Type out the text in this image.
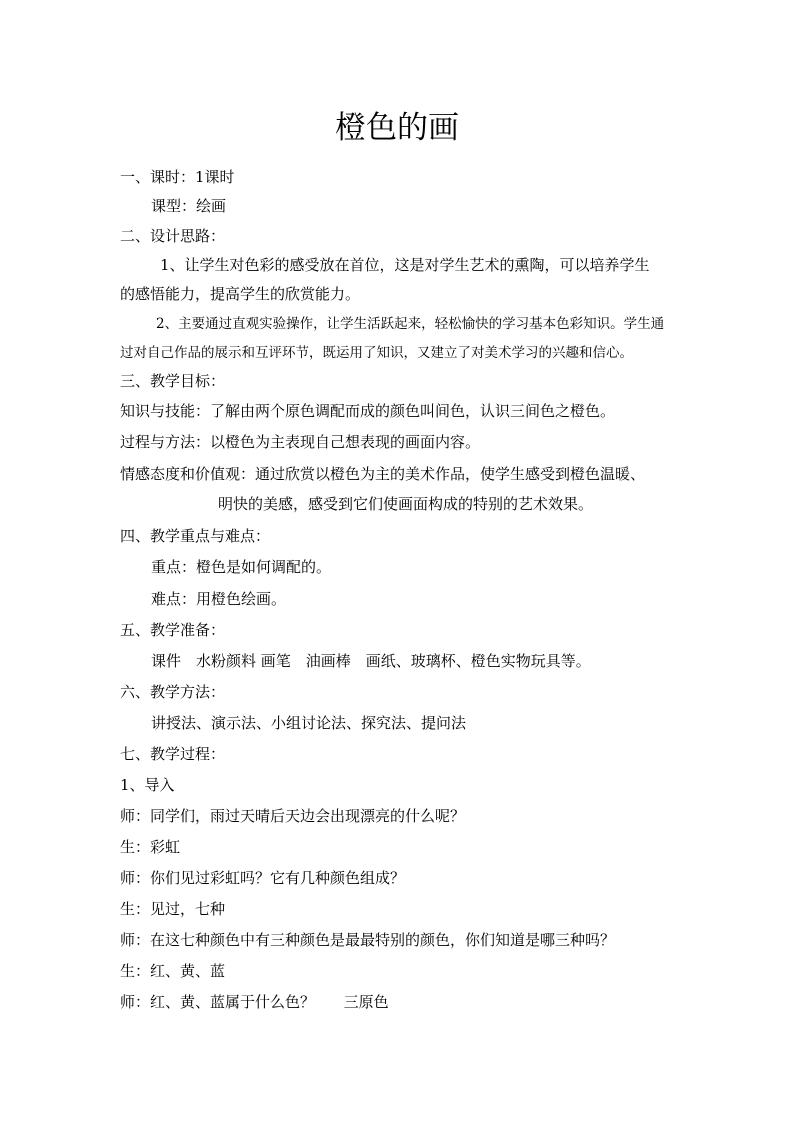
橙色的画
一、课时：1课时
课型：绘画
二、设计思路：
1、让学生对色彩的感受放在首位，这是对学生艺术的熏陶，可以培养学生
的感悟能力，提高学生的欣赏能力。
2、主要通过直观实验操作，让学生活跃起来，轻松愉快的学习基本色彩知识。学生通
过对自己作品的展示和互评环节，既运用了知识，又建立了对美术学习的兴趣和信心。
三、教学目标：
知识与技能：了解由两个原色调配而成的颜色叫间色，认识三间色之橙色。
过程与方法：以橙色为主表现自己想表现的画面内容。
情感态度和价值观：通过欣赏以橙色为主的美术作品，使学生感受到橙色温暖、
明快的美感，感受到它们使画面构成的特别的艺术效果。
四、教学重点与难点：
重点：橙色是如何调配的。
难点：用橙色绘画。
五、教学准备：
课件　水粉颜料 画笔　油画棒　画纸、玻璃杯、橙色实物玩具等。
六、教学方法：
讲授法、演示法、小组讨论法、探究法、提问法
七、教学过程：
1、导入
师：同学们，雨过天晴后天边会出现漂亮的什么呢？
生：彩虹
师：你们见过彩虹吗？它有几种颜色组成？
生：见过，七种
师：在这七种颜色中有三种颜色是最最特别的颜色，你们知道是哪三种吗？
生：红、黄、蓝
师：红、黄、蓝属于什么色？      三原色
